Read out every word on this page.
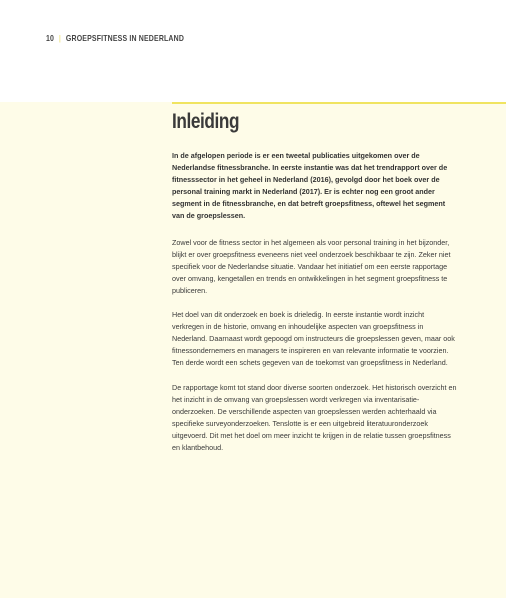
10 | GROEPSFITNESS IN NEDERLAND
Inleiding

In de afgelopen periode is er een tweetal publicaties uitgekomen over de Nederlandse fitnessbranche. In eerste instantie was dat het trendrapport over de fitnesssector in het geheel in Nederland (2016), gevolgd door het boek over de personal training markt in Nederland (2017). Er is echter nog een groot ander segment in de fitnessbranche, en dat betreft groepsfitness, oftewel het segment van de groepslessen.

Zowel voor de fitness sector in het algemeen als voor personal training in het bijzonder, blijkt er over groepsfitness eveneens niet veel onderzoek beschikbaar te zijn. Zeker niet specifiek voor de Nederlandse situatie. Vandaar het initiatief om een eerste rapportage over omvang, kengetallen en trends en ontwikkelingen in het segment groepsfitness te publiceren.

Het doel van dit onderzoek en boek is drieledig. In eerste instantie wordt inzicht verkregen in de historie, omvang en inhoudelijke aspecten van groepsfitness in Nederland. Daarnaast wordt gepoogd om instructeurs die groepslessen geven, maar ook fitnessondernemers en managers te inspireren en van relevante informatie te voorzien. Ten derde wordt een schets gegeven van de toekomst van groepsfitness in Nederland.

De rapportage komt tot stand door diverse soorten onderzoek. Het historisch overzicht en het inzicht in de omvang van groepslessen wordt verkregen via inventarisatie-onderzoeken. De verschillende aspecten van groepslessen werden achterhaald via specifieke surveyonderzoeken. Tenslotte is er een uitgebreid literatuuronderzoek uitgevoerd. Dit met het doel om meer inzicht te krijgen in de relatie tussen groepsfitness en klantbehoud.
